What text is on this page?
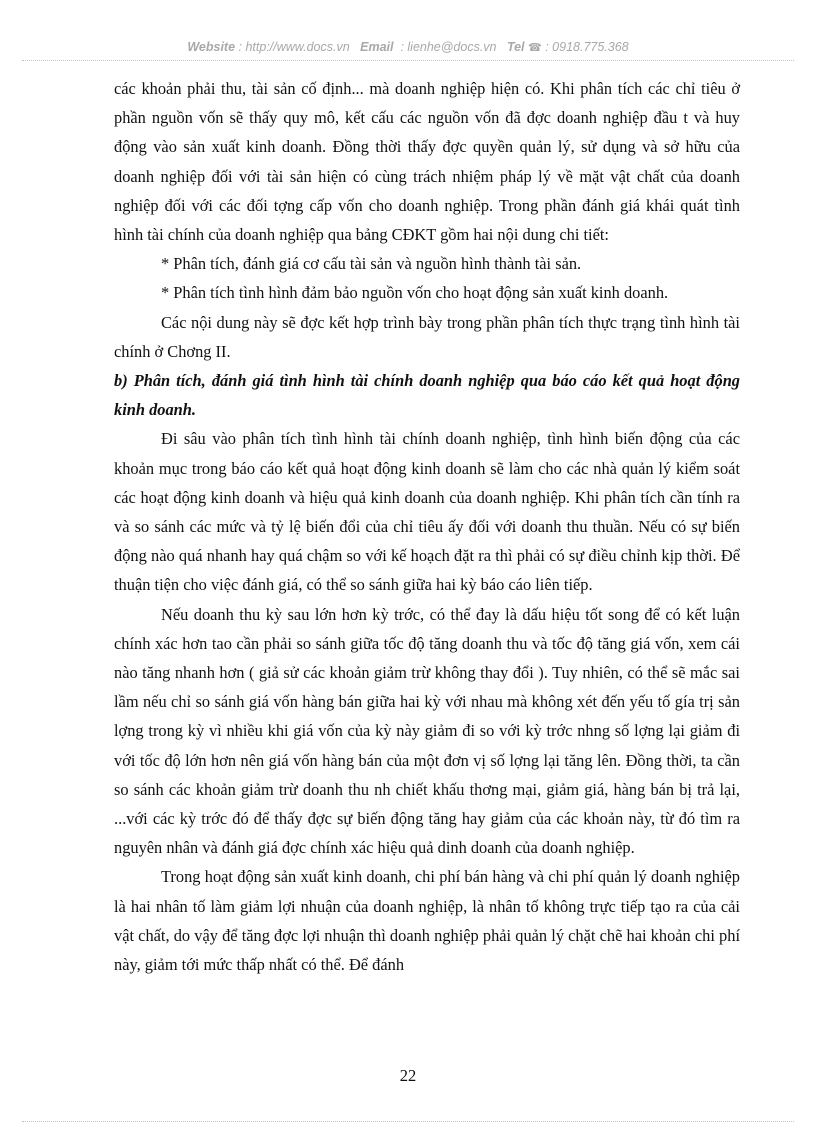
Website : http://www.docs.vn Email : lienhe@docs.vn Tel ☎ : 0918.775.368

các khoản phải thu, tài sản cố định... mà doanh nghiệp hiện có. Khi phân tích các chỉ tiêu ở phần nguồn vốn sẽ thấy quy mô, kết cấu các nguồn vốn đã đợc doanh nghiệp đầu t và huy động vào sản xuất kinh doanh. Đồng thời thấy đợc quyền quản lý, sử dụng và sở hữu của doanh nghiệp đối với tài sản hiện có cùng trách nhiệm pháp lý về mặt vật chất của doanh nghiệp đối với các đối tợng cấp vốn cho doanh nghiệp. Trong phần đánh giá khái quát tình hình tài chính của doanh nghiệp qua bảng CĐKT gồm hai nội dung chi tiết:

* Phân tích, đánh giá cơ cấu tài sản và nguồn hình thành tài sản.

* Phân tích tình hình đảm bảo nguồn vốn cho hoạt động sản xuất kinh doanh.

Các nội dung này sẽ đợc kết hợp trình bày trong phần phân tích thực trạng tình hình tài chính ở Chơng II.

b) Phân tích, đánh giá tình hình tài chính doanh nghiệp qua báo cáo kết quả hoạt động kinh doanh.

Đi sâu vào phân tích tình hình tài chính doanh nghiệp, tình hình biến động của các khoản mục trong báo cáo kết quả hoạt động kinh doanh sẽ làm cho các nhà quản lý kiểm soát các hoạt động kinh doanh và hiệu quả kinh doanh của doanh nghiệp. Khi phân tích cần tính ra và so sánh các mức và tỷ lệ biến đổi của chỉ tiêu ấy đối với doanh thu thuần. Nếu có sự biến động nào quá nhanh hay quá chậm so với kế hoạch đặt ra thì phải có sự điều chỉnh kịp thời. Để thuận tiện cho việc đánh giá, có thể so sánh giữa hai kỳ báo cáo liên tiếp.

Nếu doanh thu kỳ sau lớn hơn kỳ trớc, có thể đay là dấu hiệu tốt song để có kết luận chính xác hơn tao cần phải so sánh giữa tốc độ tăng doanh thu và tốc độ tăng giá vốn, xem cái nào tăng nhanh hơn ( giả sử các khoản giảm trừ không thay đổi ). Tuy nhiên, có thể sẽ mắc sai lầm nếu chỉ so sánh giá vốn hàng bán giữa hai kỳ với nhau mà không xét đến yếu tố gía trị sản lợng trong kỳ vì nhiều khi giá vốn của kỳ này giảm đi so với kỳ trớc nhng số lợng lại giảm đi với tốc độ lớn hơn nên giá vốn hàng bán của một đơn vị số lợng lại tăng lên. Đồng thời, ta cần so sánh các khoản giảm trừ doanh thu nh chiết khấu thơng mại, giảm giá, hàng bán bị trả lại, ...với các kỳ trớc đó để thấy đợc sự biến động tăng hay giảm của các khoản này, từ đó tìm ra nguyên nhân và đánh giá đợc chính xác hiệu quả dinh doanh của doanh nghiệp.

Trong hoạt động sản xuất kinh doanh, chi phí bán hàng và chi phí quản lý doanh nghiệp là hai nhân tố làm giảm lợi nhuận của doanh nghiệp, là nhân tố không trực tiếp tạo ra của cải vật chất, do vậy để tăng đợc lợi nhuận thì doanh nghiệp phải quản lý chặt chẽ hai khoản chi phí này, giảm tới mức thấp nhất có thể. Để đánh

22
